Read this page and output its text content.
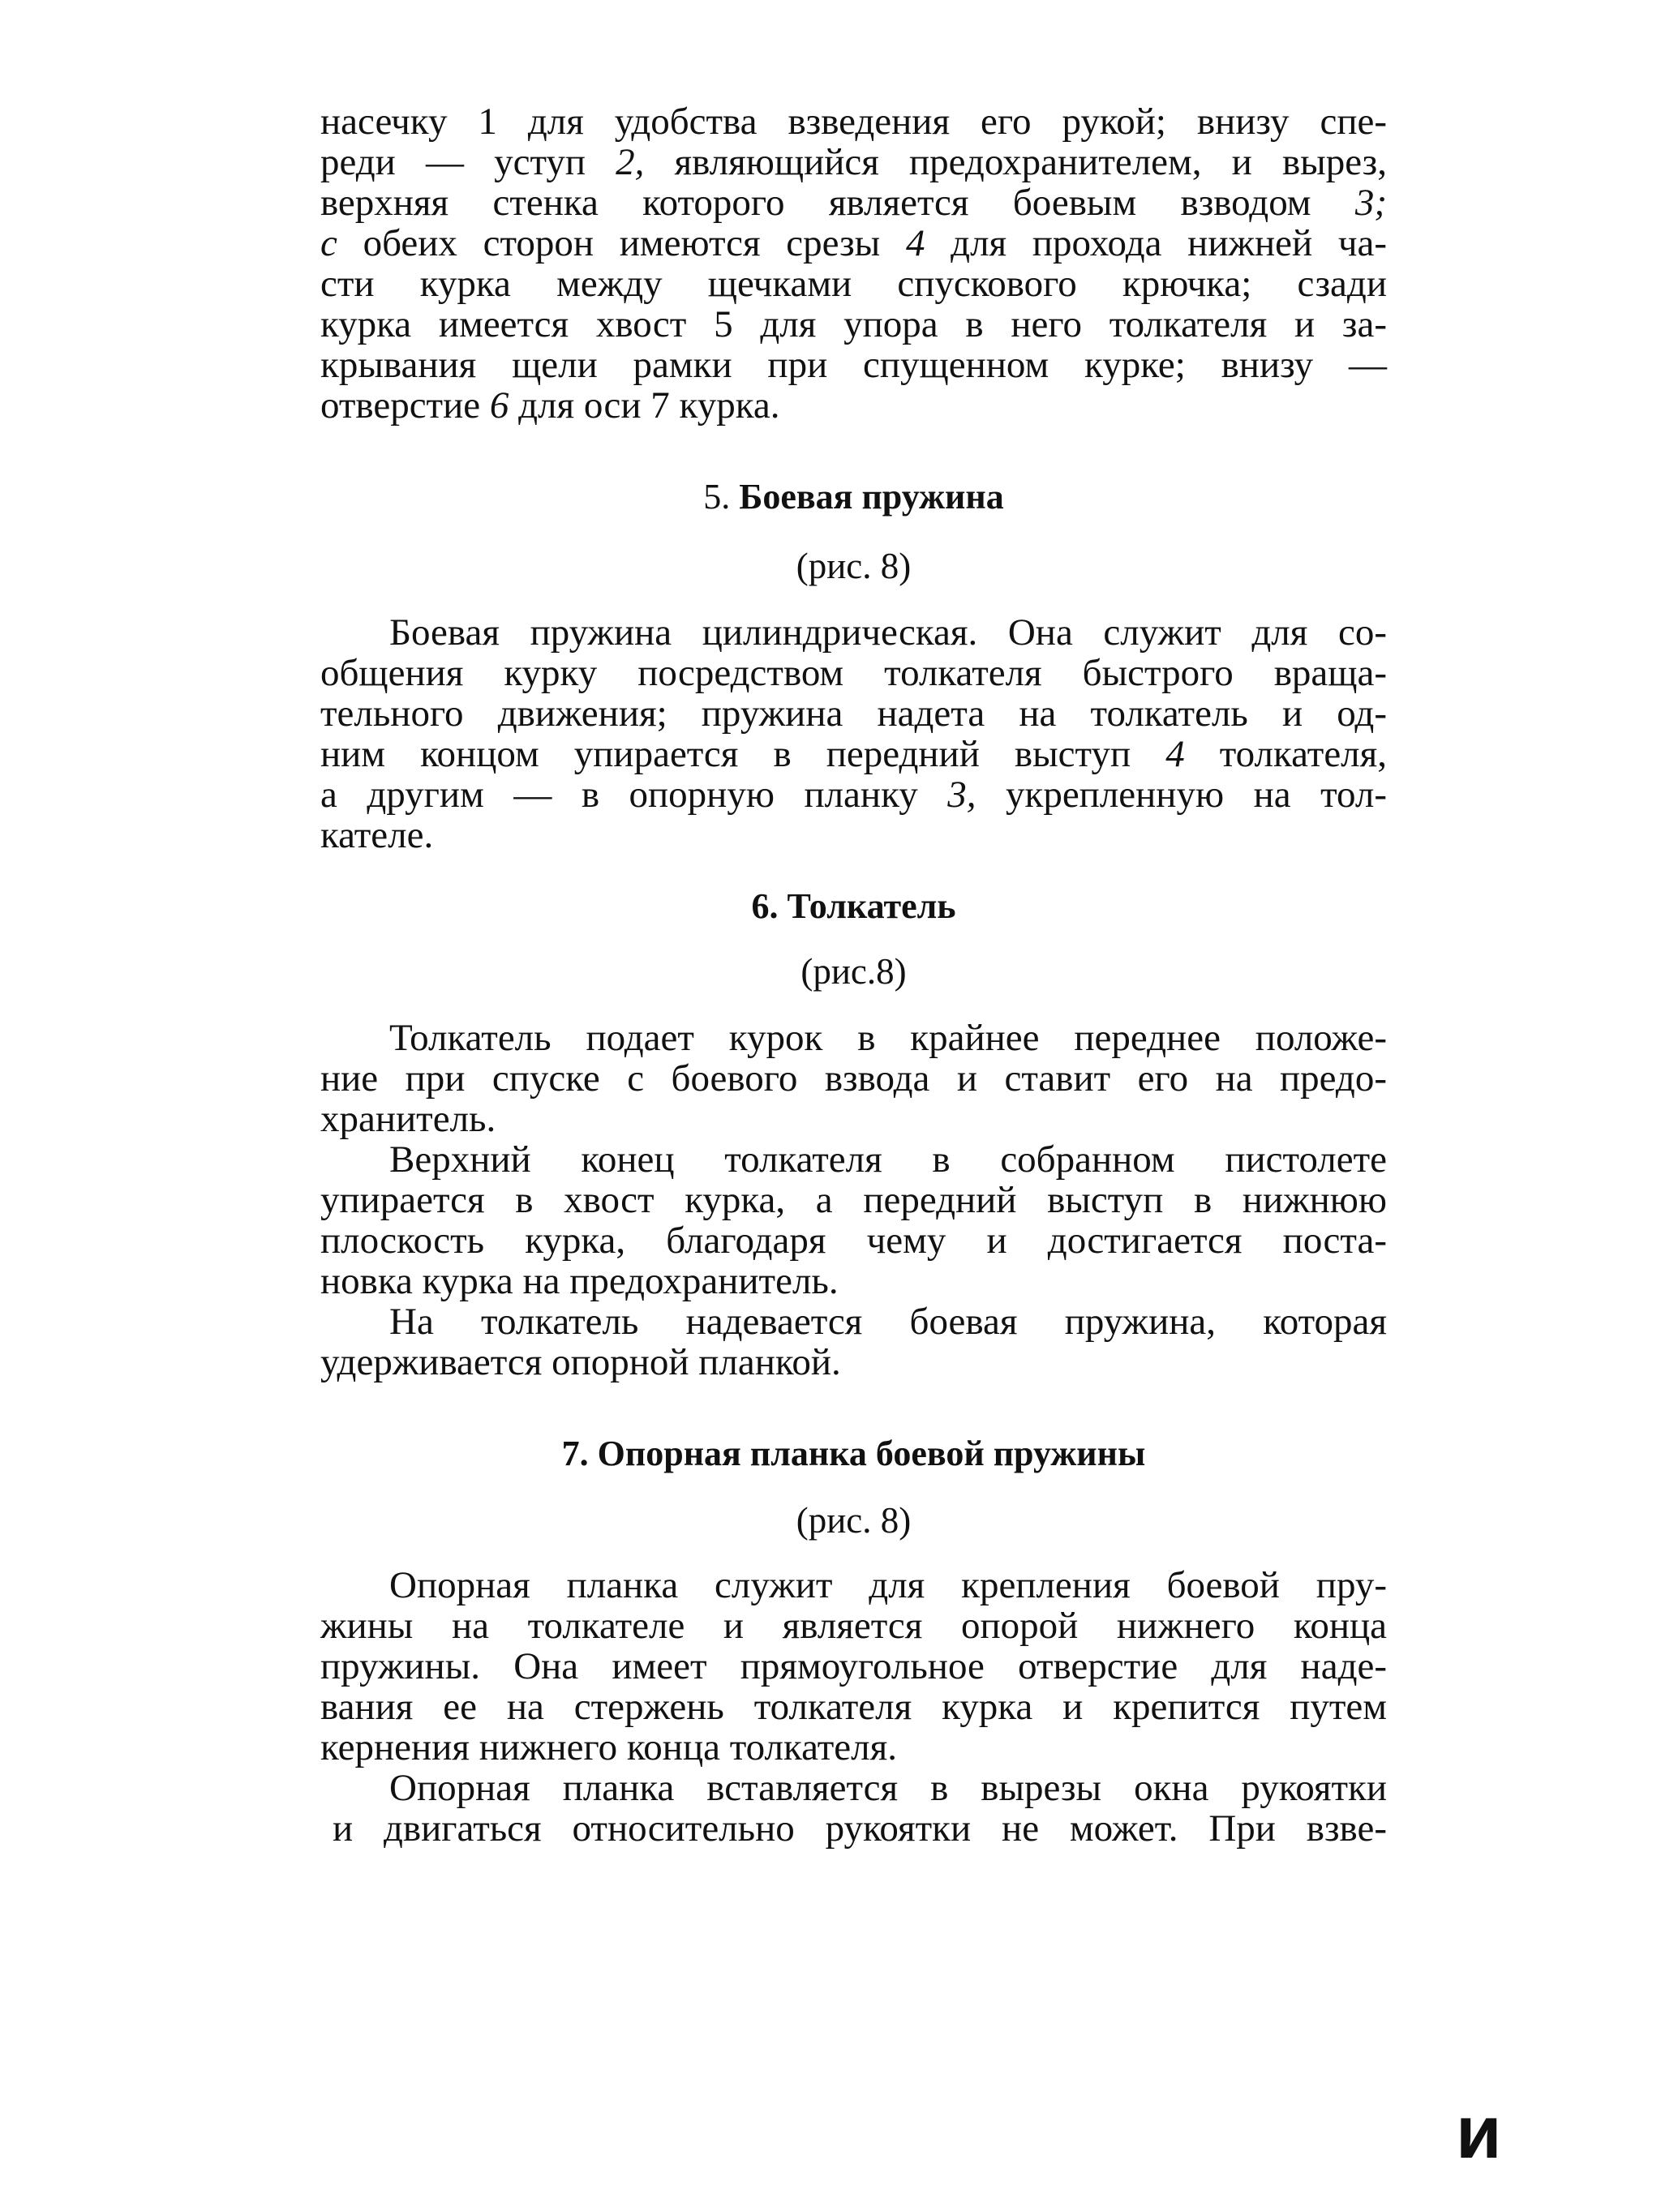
насечку 1 для удобства взведения его рукой; внизу спе-
реди — уступ 2, являющийся предохранителем, и вырез,
верхняя стенка которого является боевым взводом 3;
с обеих сторон имеются срезы 4 для прохода нижней ча-
сти курка между щечками спускового крючка; сзади
курка имеется хвост 5 для упора в него толкателя и за-
крывания щели рамки при спущенном курке; внизу —
отверстие 6 для оси 7 курка.
5. Боевая пружина
(рис. 8)
Боевая пружина цилиндрическая. Она служит для со-
общения курку посредством толкателя быстрого враща-
тельного движения; пружина надета на толкатель и од-
ним концом упирается в передний выступ 4 толкателя,
а другим — в опорную планку 3, укрепленную на тол-
кателе.
6. Толкатель
(рис.8)
Толкатель подает курок в крайнее переднее положе-
ние при спуске с боевого взвода и ставит его на предо-
хранитель.
Верхний конец толкателя в собранном пистолете
упирается в хвост курка, а передний выступ в нижнюю
плоскость курка, благодаря чему и достигается поста-
новка курка на предохранитель.
На толкатель надевается боевая пружина, которая
удерживается опорной планкой.
7. Опорная планка боевой пружины
(рис. 8)
Опорная планка служит для крепления боевой пру-
жины на толкателе и является опорой нижнего конца
пружины. Она имеет прямоугольное отверстие для наде-
вания ее на стержень толкателя курка и крепится путем
кернения нижнего конца толкателя.
Опорная планка вставляется в вырезы окна рукоятки
и двигаться относительно рукоятки не может. При взве-
и
